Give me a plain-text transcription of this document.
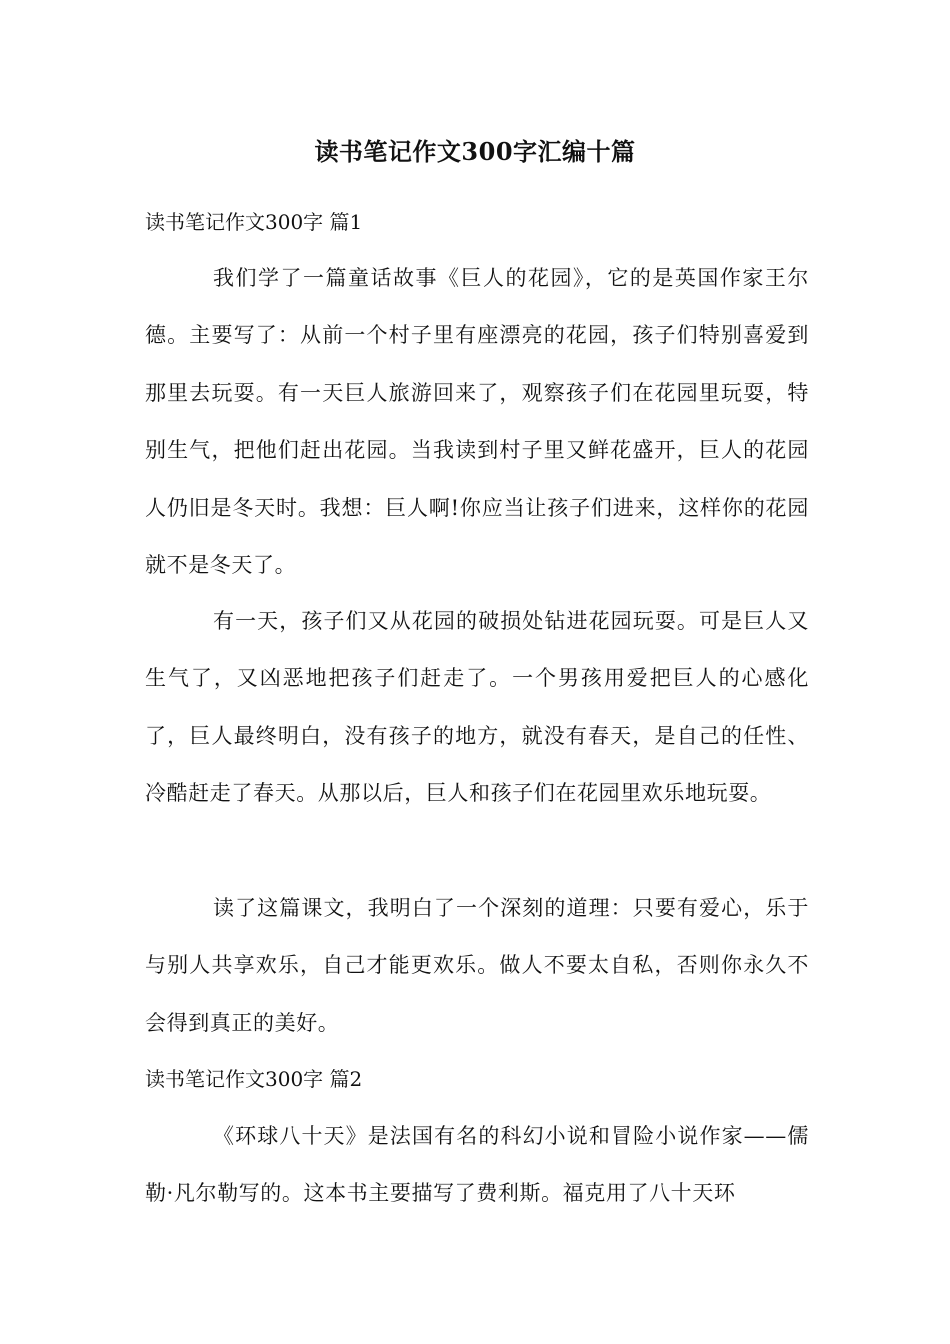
读书笔记作文300字汇编十篇
读书笔记作文300字 篇1

我们学了一篇童话故事《巨人的花园》，它的是英国作家王尔德。主要写了：从前一个村子里有座漂亮的花园，孩子们特别喜爱到那里去玩耍。有一天巨人旅游回来了，观察孩子们在花园里玩耍，特别生气，把他们赶出花园。当我读到村子里又鲜花盛开，巨人的花园人仍旧是冬天时。我想：巨人啊!你应当让孩子们进来，这样你的花园就不是冬天了。

有一天，孩子们又从花园的破损处钻进花园玩耍。可是巨人又生气了，又凶恶地把孩子们赶走了。一个男孩用爱把巨人的心感化了，巨人最终明白，没有孩子的地方，就没有春天，是自己的任性、冷酷赶走了春天。从那以后，巨人和孩子们在花园里欢乐地玩耍。

读了这篇课文，我明白了一个深刻的道理：只要有爱心，乐于与别人共享欢乐，自己才能更欢乐。做人不要太自私，否则你永久不会得到真正的美好。

读书笔记作文300字 篇2

《环球八十天》是法国有名的科幻小说和冒险小说作家——儒勒·凡尔勒写的。这本书主要描写了费利斯。福克用了八十天环
